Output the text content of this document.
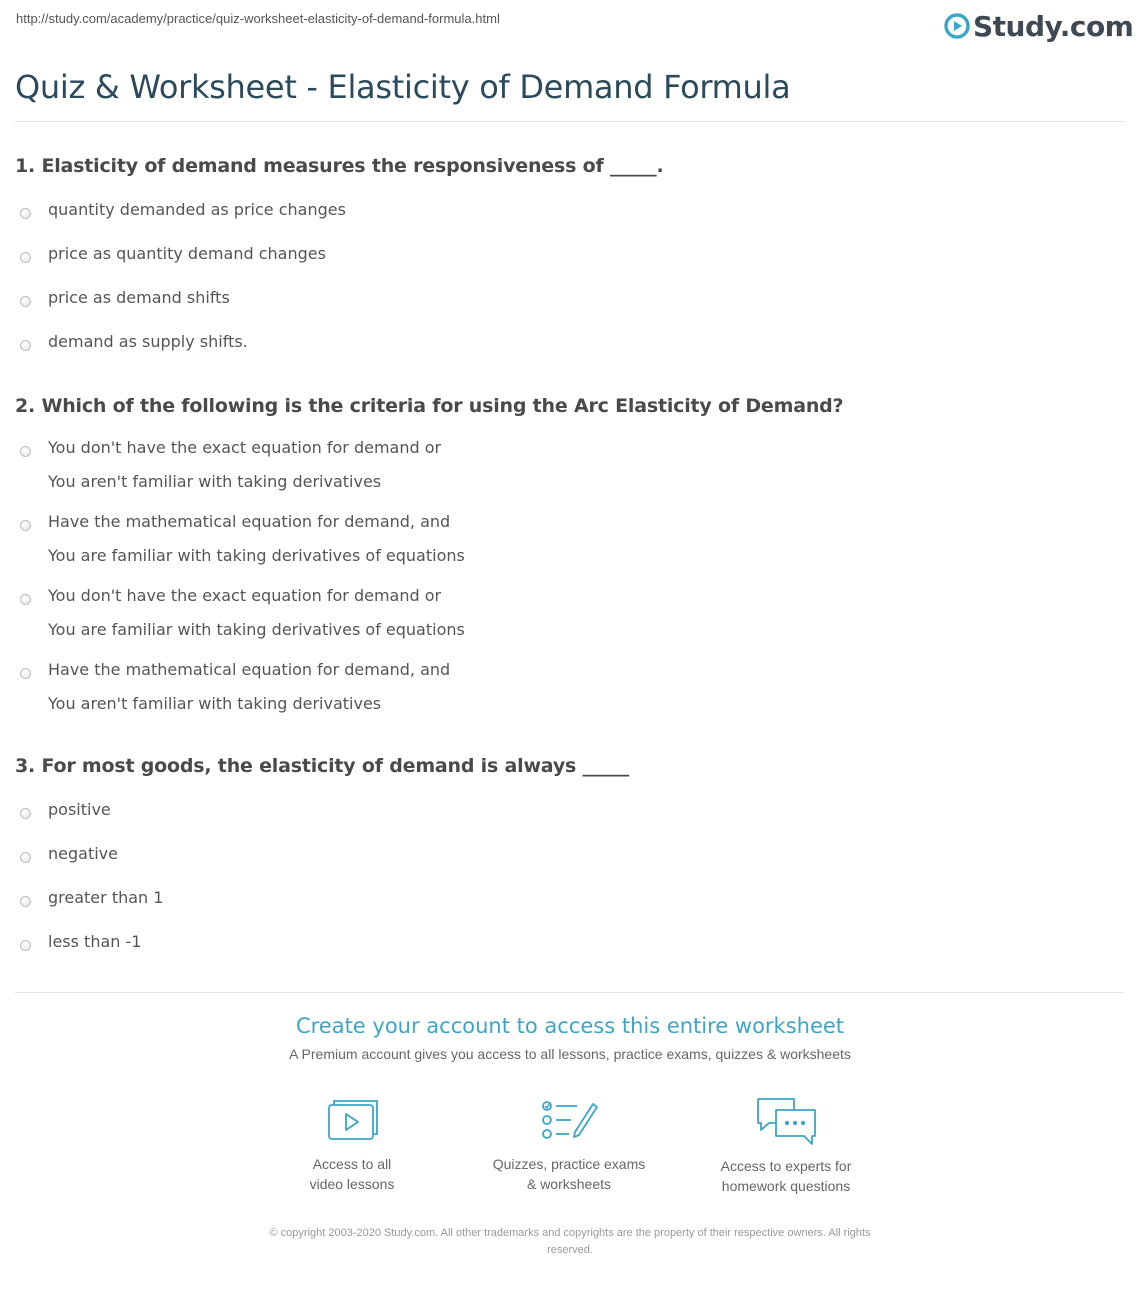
http://study.com/academy/practice/quiz-worksheet-elasticity-of-demand-formula.html	Study.com
Quiz & Worksheet - Elasticity of Demand Formula
1. Elasticity of demand measures the responsiveness of _____.
quantity demanded as price changes
price as quantity demand changes
price as demand shifts
demand as supply shifts.
2. Which of the following is the criteria for using the Arc Elasticity of Demand?
You don't have the exact equation for demand or
You aren't familiar with taking derivatives
Have the mathematical equation for demand, and
You are familiar with taking derivatives of equations
You don't have the exact equation for demand or
You are familiar with taking derivatives of equations
Have the mathematical equation for demand, and
You aren't familiar with taking derivatives
3. For most goods, the elasticity of demand is always _____
positive
negative
greater than 1
less than -1
Create your account to access this entire worksheet
A Premium account gives you access to all lessons, practice exams, quizzes & worksheets
Access to all
video lessons
Quizzes, practice exams
& worksheets
Access to experts for
homework questions
© copyright 2003-2020 Study.com. All other trademarks and copyrights are the property of their respective owners. All rights
reserved.
